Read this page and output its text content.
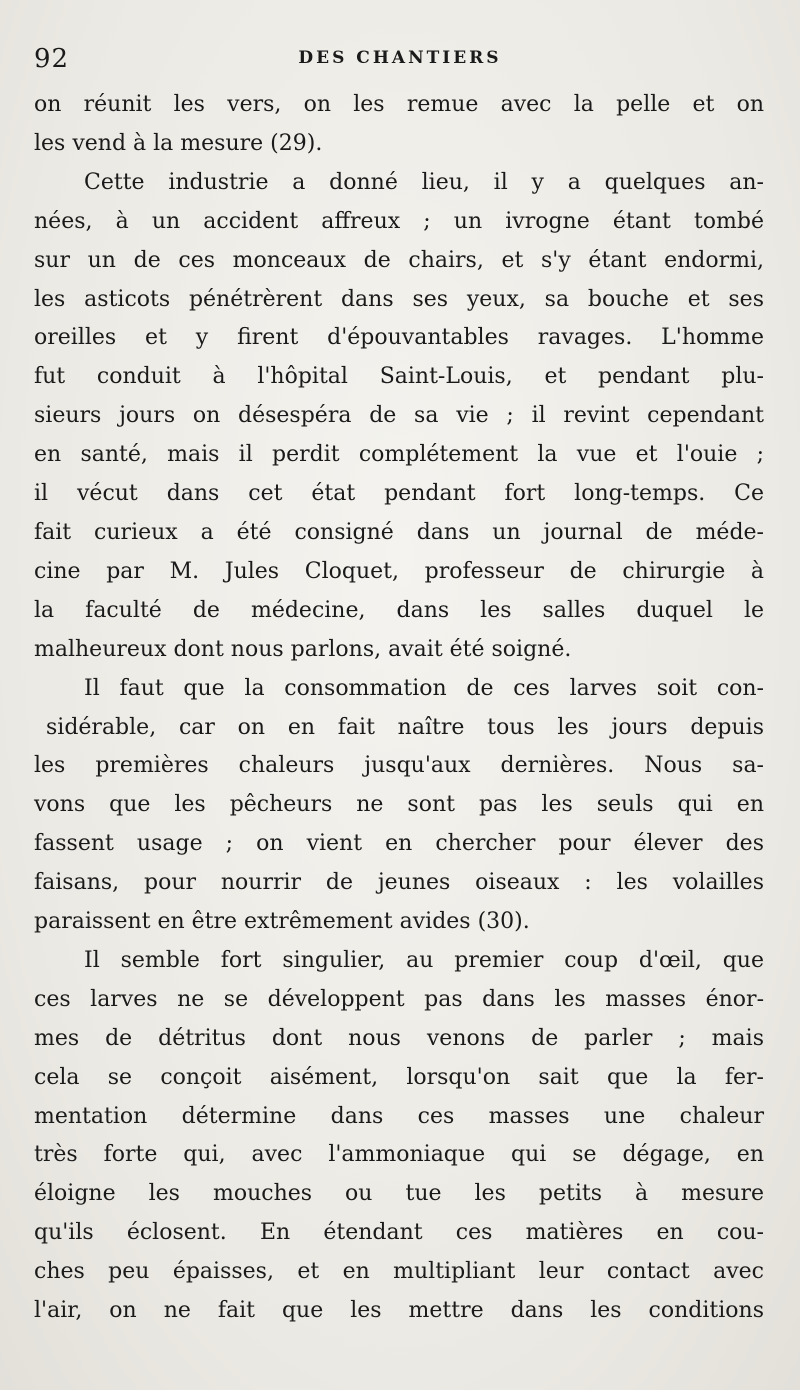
92	DES CHANTIERS

on réunit les vers, on les remue avec la pelle et on
les vend à la mesure (29).

Cette industrie a donné lieu, il y a quelques an-
nées, à un accident affreux ; un ivrogne étant tombé
sur un de ces monceaux de chairs, et s'y étant endormi,
les asticots pénétrèrent dans ses yeux, sa bouche et ses
oreilles et y firent d'épouvantables ravages. L'homme
fut conduit à l'hôpital Saint-Louis, et pendant plu-
sieurs jours on désespéra de sa vie ; il revint cependant
en santé, mais il perdit complétement la vue et l'ouie ;
il vécut dans cet état pendant fort long-temps. Ce
fait curieux a été consigné dans un journal de méde-
cine par M. Jules Cloquet, professeur de chirurgie à
la faculté de médecine, dans les salles duquel le
malheureux dont nous parlons, avait été soigné.

Il faut que la consommation de ces larves soit con-
sidérable, car on en fait naître tous les jours depuis
les premières chaleurs jusqu'aux dernières. Nous sa-
vons que les pêcheurs ne sont pas les seuls qui en
fassent usage ; on vient en chercher pour élever des
faisans, pour nourrir de jeunes oiseaux : les volailles
paraissent en être extrêmement avides (30).

Il semble fort singulier, au premier coup d'œil, que
ces larves ne se développent pas dans les masses énor-
mes de détritus dont nous venons de parler ; mais
cela se conçoit aisément, lorsqu'on sait que la fer-
mentation détermine dans ces masses une chaleur
très forte qui, avec l'ammoniaque qui se dégage, en
éloigne les mouches ou tue les petits à mesure
qu'ils éclosent. En étendant ces matières en cou-
ches peu épaisses, et en multipliant leur contact avec
l'air, on ne fait que les mettre dans les conditions
